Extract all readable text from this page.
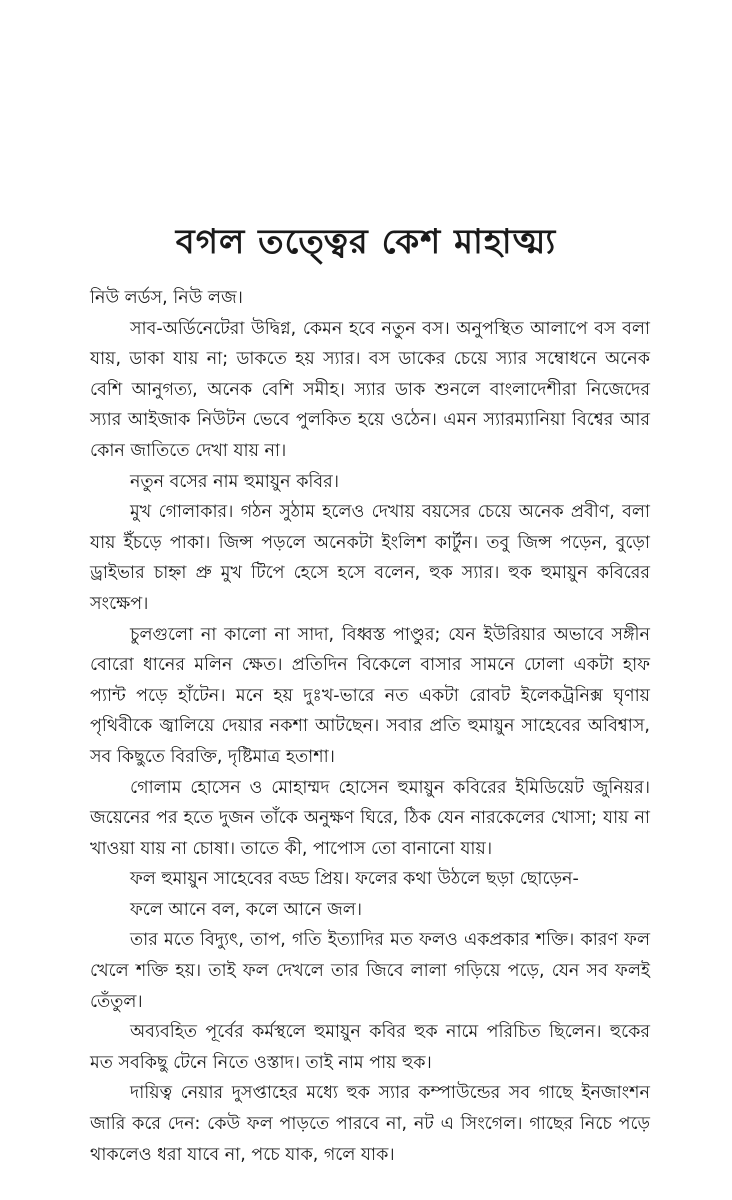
বগল তত্ত্বের কেশ মাহাত্ম্য

নিউ লর্ডস, নিউ লজ।

সাব-অর্ডিনেটেরা উদ্বিগ্ন, কেমন হবে নতুন বস। অনুপস্থিত আলাপে বস বলা যায়, ডাকা যায় না; ডাকতে হয় স্যার। বস ডাকের চেয়ে স্যার সম্বোধনে অনেক বেশি আনুগত্য, অনেক বেশি সমীহ। স্যার ডাক শুনলে বাংলাদেশীরা নিজেদের স্যার আইজাক নিউটন ভেবে পুলকিত হয়ে ওঠেন। এমন স্যারম্যানিয়া বিশ্বের আর কোন জাতিতে দেখা যায় না।

নতুন বসের নাম হুমায়ুন কবির।

মুখ গোলাকার। গঠন সুঠাম হলেও দেখায় বয়সের চেয়ে অনেক প্রবীণ, বলা যায় ইঁচড়ে পাকা। জিন্স পড়লে অনেকটা ইংলিশ কার্টুন। তবু জিন্স পড়েন, বুড়ো ড্রাইভার চাহ্না প্রু মুখ টিপে হেসে হসে বলেন, হুক স্যার। হুক হুমায়ুন কবিরের সংক্ষেপ।

চুলগুলো না কালো না সাদা, বিধ্বস্ত পাণ্ডুর; যেন ইউরিয়ার অভাবে সঙ্গীন বোরো ধানের মলিন ক্ষেত। প্রতিদিন বিকেলে বাসার সামনে ঢোলা একটা হাফ প্যান্ট পড়ে হাঁটেন। মনে হয় দুঃখ-ভারে নত একটা রোবট ইলেকট্রনিক্স ঘৃণায় পৃথিবীকে জ্বালিয়ে দেয়ার নকশা আটছেন। সবার প্রতি হুমায়ুন সাহেবের অবিশ্বাস, সব কিছুতে বিরক্তি, দৃষ্টিমাত্র হতাশা।

গোলাম হোসেন ও মোহাম্মদ হোসেন হুমায়ুন কবিরের ইমিডিয়েট জুনিয়র। জয়েনের পর হতে দুজন তাঁকে অনুক্ষণ ঘিরে, ঠিক যেন নারকেলের খোসা; যায় না খাওয়া যায় না চোষা। তাতে কী, পাপোস তো বানানো যায়।

ফল হুমায়ুন সাহেবের বড্ড প্রিয়। ফলের কথা উঠলে ছড়া ছোড়েন-

ফলে আনে বল, কলে আনে জল।

তার মতে বিদ্যুৎ, তাপ, গতি ইত্যাদির মত ফলও একপ্রকার শক্তি। কারণ ফল খেলে শক্তি হয়। তাই ফল দেখলে তার জিবে লালা গড়িয়ে পড়ে, যেন সব ফলই তেঁতুল।

অব্যবহিত পূর্বের কর্মস্থলে হুমায়ুন কবির হুক নামে পরিচিত ছিলেন। হুকের মত সবকিছু টেনে নিতে ওস্তাদ। তাই নাম পায় হুক।

দায়িত্ব নেয়ার দুসপ্তাহের মধ্যে হুক স্যার কম্পাউন্ডের সব গাছে ইনজাংশন জারি করে দেন: কেউ ফল পাড়তে পারবে না, নট এ সিংগেল। গাছের নিচে পড়ে থাকলেও ধরা যাবে না, পচে যাক, গলে যাক।
